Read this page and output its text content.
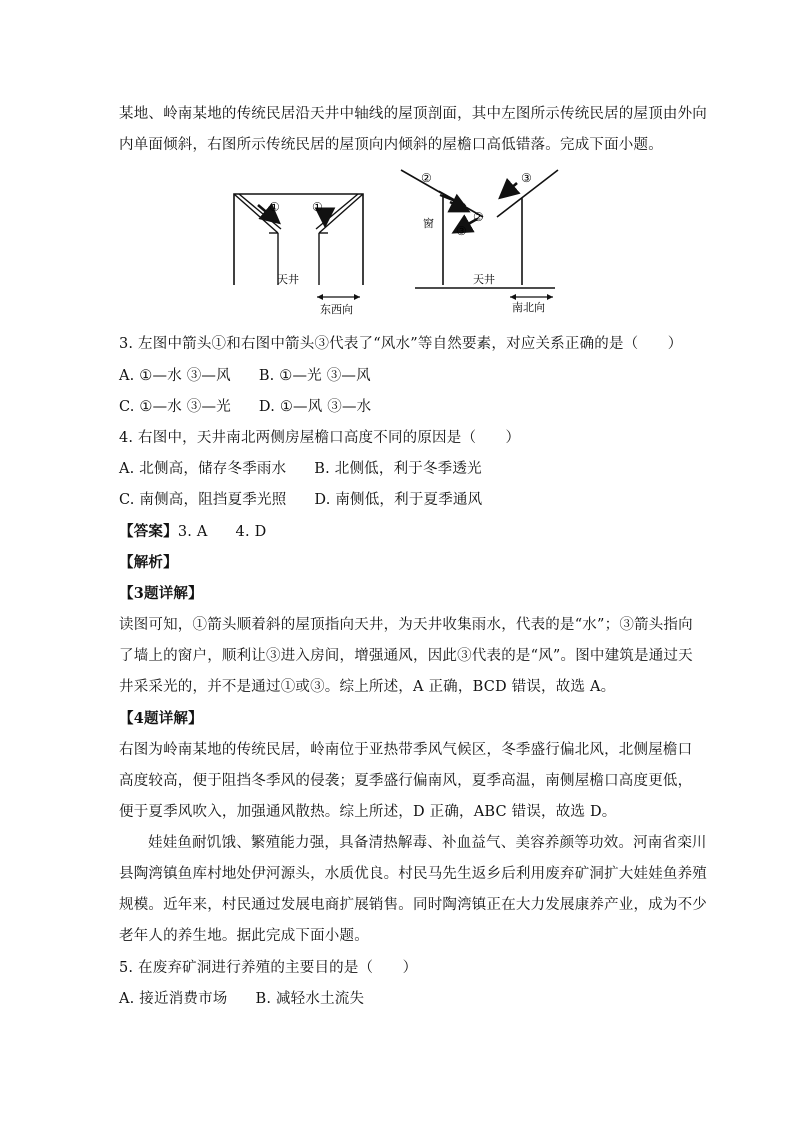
某地、岭南某地的传统民居沿天井中轴线的屋顶剖面，其中左图所示传统民居的屋顶由外向
内单面倾斜，右图所示传统民居的屋顶向内倾斜的屋檐口高低错落。完成下面小题。
①	①
天井
东西向
②
②
③
③
窗
天井
南北向
3. 左图中箭头①和右图中箭头③代表了“风水”等自然要素，对应关系正确的是（　　）
A. ①—水 ③—风 B. ①—光 ③—风
C. ①—水 ③—光 D. ①—风 ③—水
4. 右图中，天井南北两侧房屋檐口高度不同的原因是（　　）
A. 北侧高，储存冬季雨水 B. 北侧低，利于冬季透光
C. 南侧高，阻挡夏季光照 D. 南侧低，利于夏季通风
【答案】3. A 4. D
【解析】
【3题详解】
读图可知，①箭头顺着斜的屋顶指向天井，为天井收集雨水，代表的是“水”；③箭头指向
了墙上的窗户，顺利让③进入房间，增强通风，因此③代表的是“风”。图中建筑是通过天
井采采光的，并不是通过①或③。综上所述，A 正确，BCD 错误，故选 A。
【4题详解】
右图为岭南某地的传统民居，岭南位于亚热带季风气候区，冬季盛行偏北风，北侧屋檐口
高度较高，便于阻挡冬季风的侵袭；夏季盛行偏南风，夏季高温，南侧屋檐口高度更低，
便于夏季风吹入，加强通风散热。综上所述，D 正确，ABC 错误，故选 D。
娃娃鱼耐饥饿、繁殖能力强，具备清热解毒、补血益气、美容养颜等功效。河南省栾川
县陶湾镇鱼库村地处伊河源头，水质优良。村民马先生返乡后利用废弃矿洞扩大娃娃鱼养殖
规模。近年来，村民通过发展电商扩展销售。同时陶湾镇正在大力发展康养产业，成为不少
老年人的养生地。据此完成下面小题。
5. 在废弃矿洞进行养殖的主要目的是（　　）
A. 接近消费市场 B. 减轻水土流失
